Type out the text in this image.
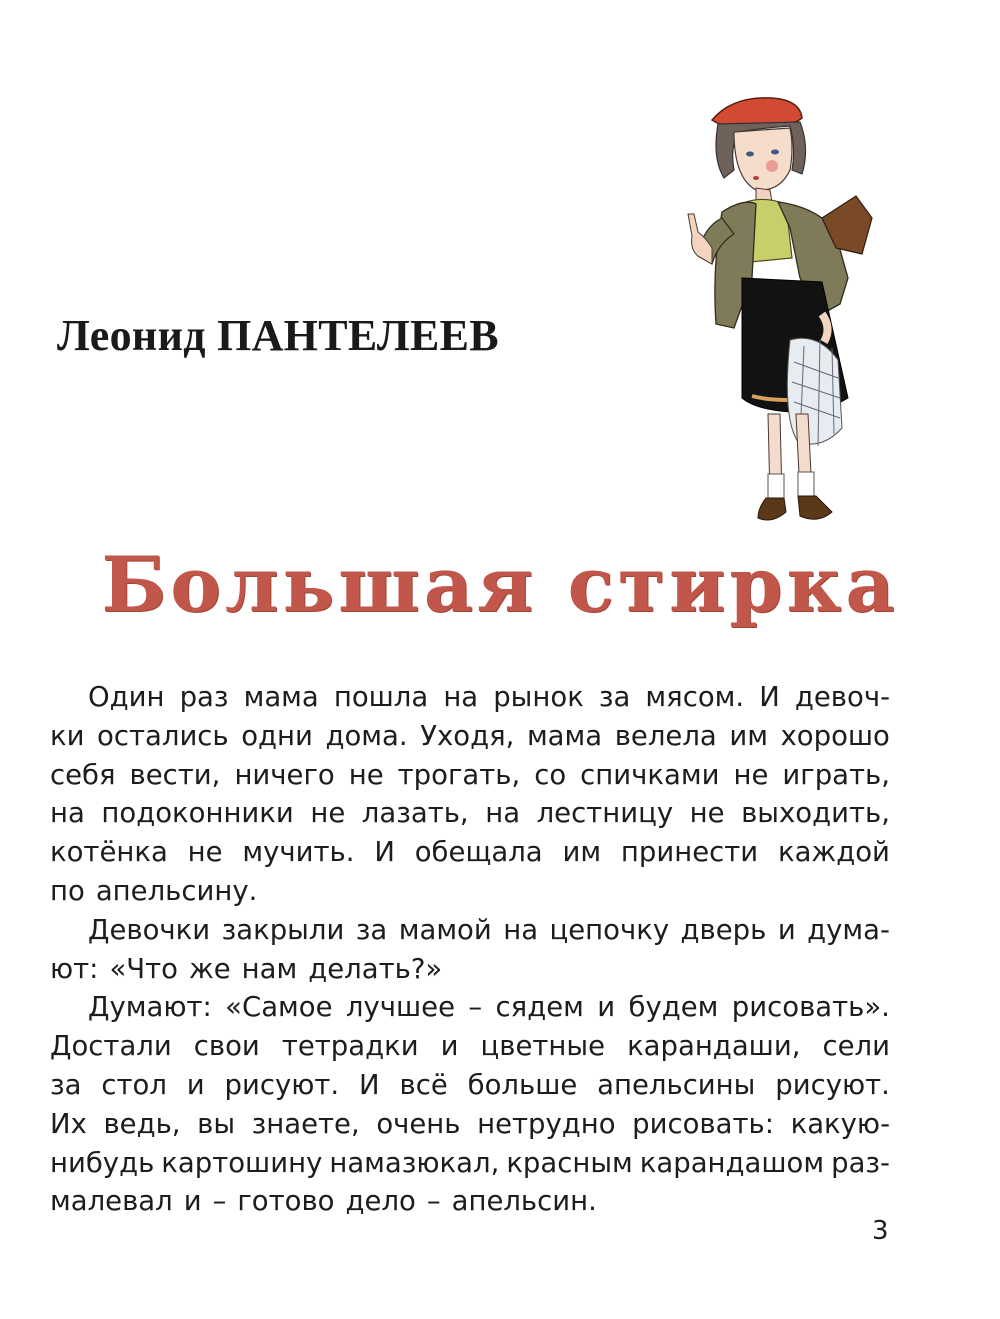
Леонид ПАНТЕЛЕЕВ
Большая стирка
Один раз мама пошла на рынок за мясом. И девоч-
ки остались одни дома. Уходя, мама велела им хорошо
себя вести, ничего не трогать, со спичками не играть,
на подоконники не лазать, на лестницу не выходить,
котёнка не мучить. И обещала им принести каждой
по апельсину.
Девочки закрыли за мамой на цепочку дверь и дума-
ют: «Что же нам делать?»
Думают: «Самое лучшее – сядем и будем рисовать».
Достали свои тетрадки и цветные карандаши, сели
за стол и рисуют. И всё больше апельсины рисуют.
Их ведь, вы знаете, очень нетрудно рисовать: какую-
нибудь картошину намазюкал, красным карандашом раз-
малевал и – готово дело – апельсин.
3
